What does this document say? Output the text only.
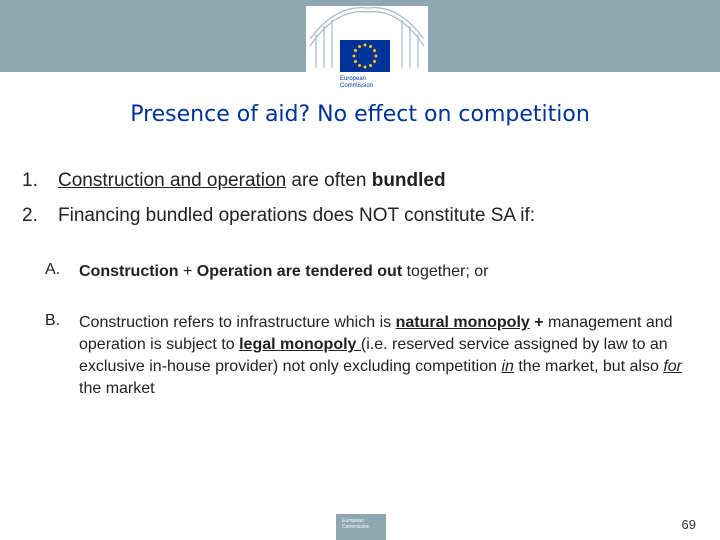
European
Commission
Presence of aid? No effect on competition
1. Construction and operation are often bundled
2. Financing bundled operations does NOT constitute SA if:
A. Construction + Operation are tendered out together; or
B. Construction refers to infrastructure which is natural monopoly + management and operation is subject to legal monopoly (i.e. reserved service assigned by law to an exclusive in-house provider) not only excluding competition in the market, but also for the market
European Commission	69
